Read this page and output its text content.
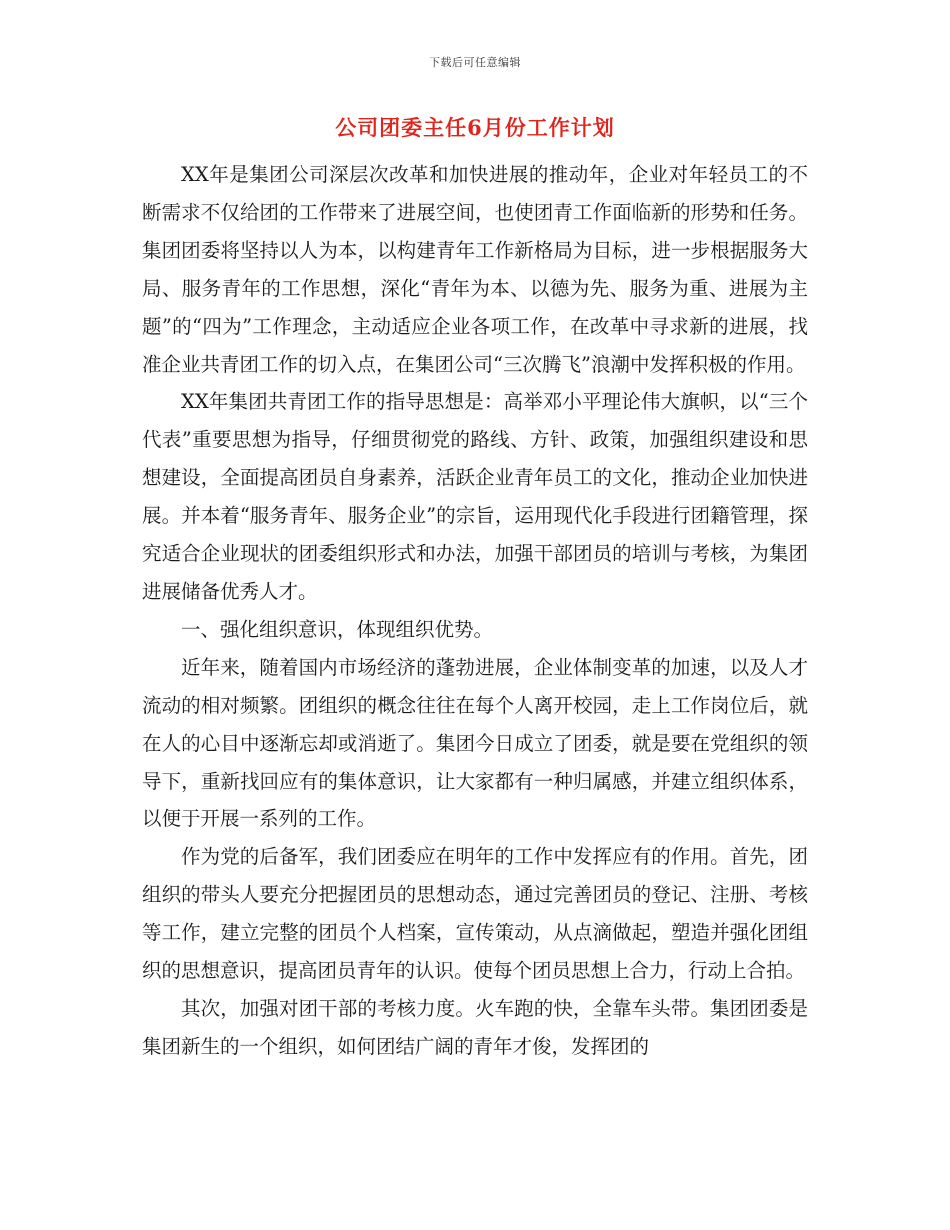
下载后可任意编辑
公司团委主任6月份工作计划

XX年是集团公司深层次改革和加快进展的推动年，企业对年轻员工的不断需求不仅给团的工作带来了进展空间，也使团青工作面临新的形势和任务。集团团委将坚持以人为本，以构建青年工作新格局为目标，进一步根据服务大局、服务青年的工作思想，深化“青年为本、以德为先、服务为重、进展为主题”的“四为”工作理念，主动适应企业各项工作，在改革中寻求新的进展，找准企业共青团工作的切入点，在集团公司“三次腾飞”浪潮中发挥积极的作用。

XX年集团共青团工作的指导思想是：高举邓小平理论伟大旗帜，以“三个代表”重要思想为指导，仔细贯彻党的路线、方针、政策，加强组织建设和思想建设，全面提高团员自身素养，活跃企业青年员工的文化，推动企业加快进展。并本着“服务青年、服务企业”的宗旨，运用现代化手段进行团籍管理，探究适合企业现状的团委组织形式和办法，加强干部团员的培训与考核，为集团进展储备优秀人才。

一、强化组织意识，体现组织优势。

近年来，随着国内市场经济的蓬勃进展，企业体制变革的加速，以及人才流动的相对频繁。团组织的概念往往在每个人离开校园，走上工作岗位后，就在人的心目中逐渐忘却或消逝了。集团今日成立了团委，就是要在党组织的领导下，重新找回应有的集体意识，让大家都有一种归属感，并建立组织体系，以便于开展一系列的工作。

作为党的后备军，我们团委应在明年的工作中发挥应有的作用。首先，团组织的带头人要充分把握团员的思想动态，通过完善团员的登记、注册、考核等工作，建立完整的团员个人档案，宣传策动，从点滴做起，塑造并强化团组织的思想意识，提高团员青年的认识。使每个团员思想上合力，行动上合拍。

其次，加强对团干部的考核力度。火车跑的快，全靠车头带。集团团委是集团新生的一个组织，如何团结广阔的青年才俊，发挥团的
